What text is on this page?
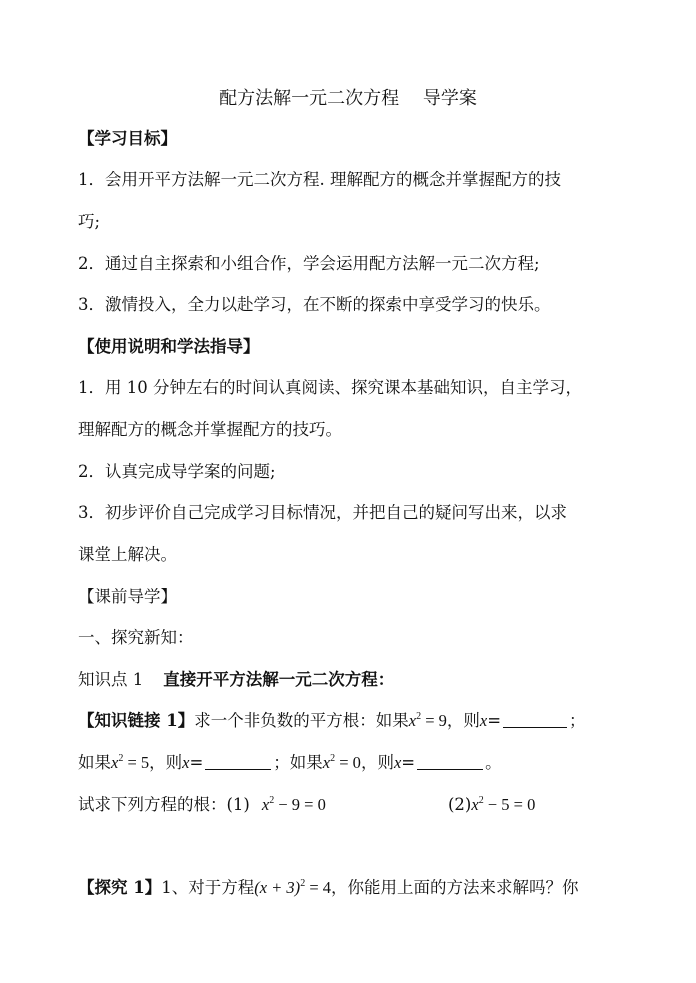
配方法解一元二次方程　 导学案
【学习目标】
1．会用开平方法解一元二次方程. 理解配方的概念并掌握配方的技
巧;
2．通过自主探索和小组合作，学会运用配方法解一元二次方程;
3．激情投入，全力以赴学习，在不断的探索中享受学习的快乐。
【使用说明和学法指导】
1．用 10 分钟左右的时间认真阅读、探究课本基础知识，自主学习，
理解配方的概念并掌握配方的技巧。
2．认真完成导学案的问题;
3．初步评价自己完成学习目标情况，并把自己的疑问写出来，以求
课堂上解决。
【课前导学】
一、探究新知：
知识点 1 直接开平方法解一元二次方程：
【知识链接 1】求一个非负数的平方根：如果$x^2 = 9$，则x=	；
如果$x^2 = 5$，则x=	；如果$x^2 = 0$，则x=	。
试求下列方程的根：(1) $x^2 - 9 = 0$	$(2)x^2 - 5 = 0$
【探究 1】1、对于方程$(x + 3)^2 = 4$，你能用上面的方法来求解吗？你
